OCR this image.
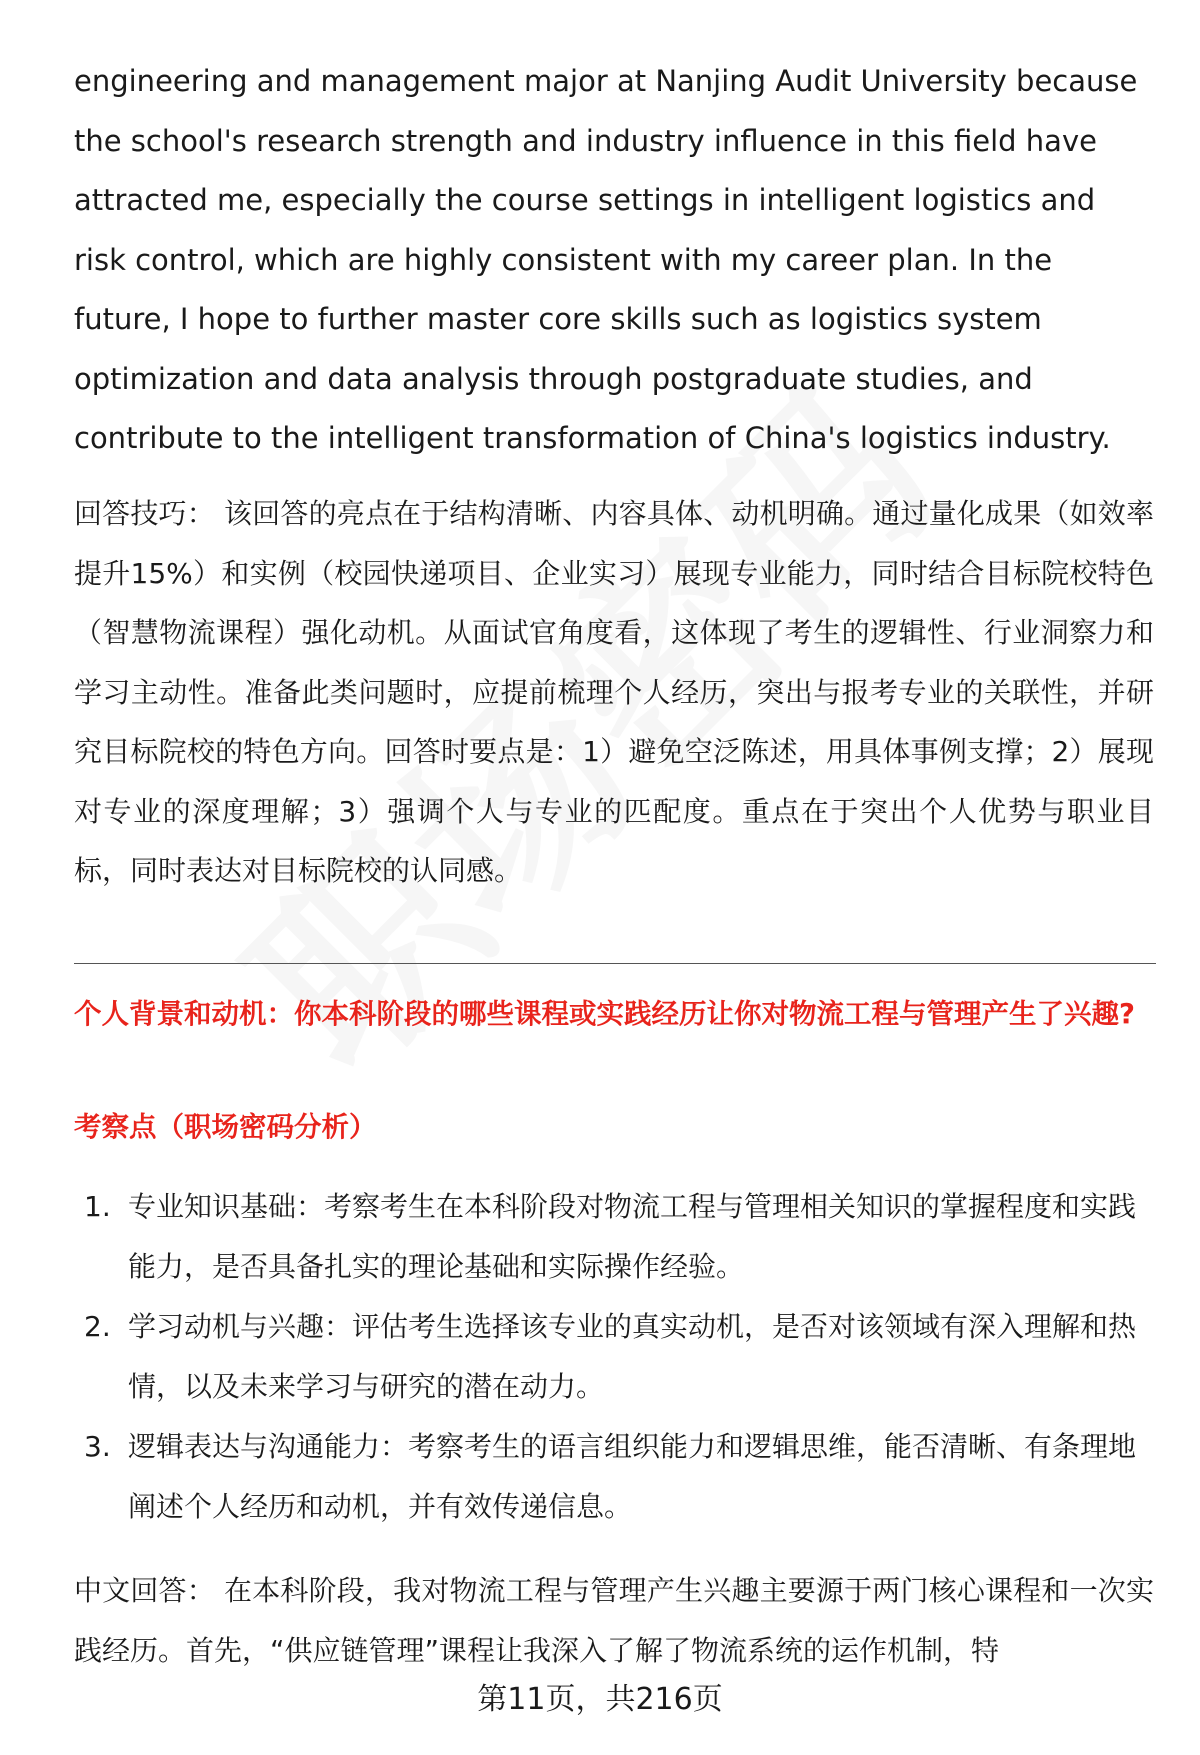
engineering and management major at Nanjing Audit University because the school's research strength and industry influence in this field have attracted me, especially the course settings in intelligent logistics and risk control, which are highly consistent with my career plan. In the future, I hope to further master core skills such as logistics system optimization and data analysis through postgraduate studies, and contribute to the intelligent transformation of China's logistics industry.

回答技巧： 该回答的亮点在于结构清晰、内容具体、动机明确。通过量化成果（如效率提升15%）和实例（校园快递项目、企业实习）展现专业能力，同时结合目标院校特色（智慧物流课程）强化动机。从面试官角度看，这体现了考生的逻辑性、行业洞察力和学习主动性。准备此类问题时，应提前梳理个人经历，突出与报考专业的关联性，并研究目标院校的特色方向。回答时要点是：1）避免空泛陈述，用具体事例支撑；2）展现对专业的深度理解；3）强调个人与专业的匹配度。重点在于突出个人优势与职业目标，同时表达对目标院校的认同感。

个人背景和动机：你本科阶段的哪些课程或实践经历让你对物流工程与管理产生了兴趣?

考察点（职场密码分析）

1. 专业知识基础：考察考生在本科阶段对物流工程与管理相关知识的掌握程度和实践能力，是否具备扎实的理论基础和实际操作经验。
2. 学习动机与兴趣：评估考生选择该专业的真实动机，是否对该领域有深入理解和热情，以及未来学习与研究的潜在动力。
3. 逻辑表达与沟通能力：考察考生的语言组织能力和逻辑思维，能否清晰、有条理地阐述个人经历和动机，并有效传递信息。

中文回答： 在本科阶段，我对物流工程与管理产生兴趣主要源于两门核心课程和一次实践经历。首先，“供应链管理”课程让我深入了解了物流系统的运作机制，特

第11页，共216页
